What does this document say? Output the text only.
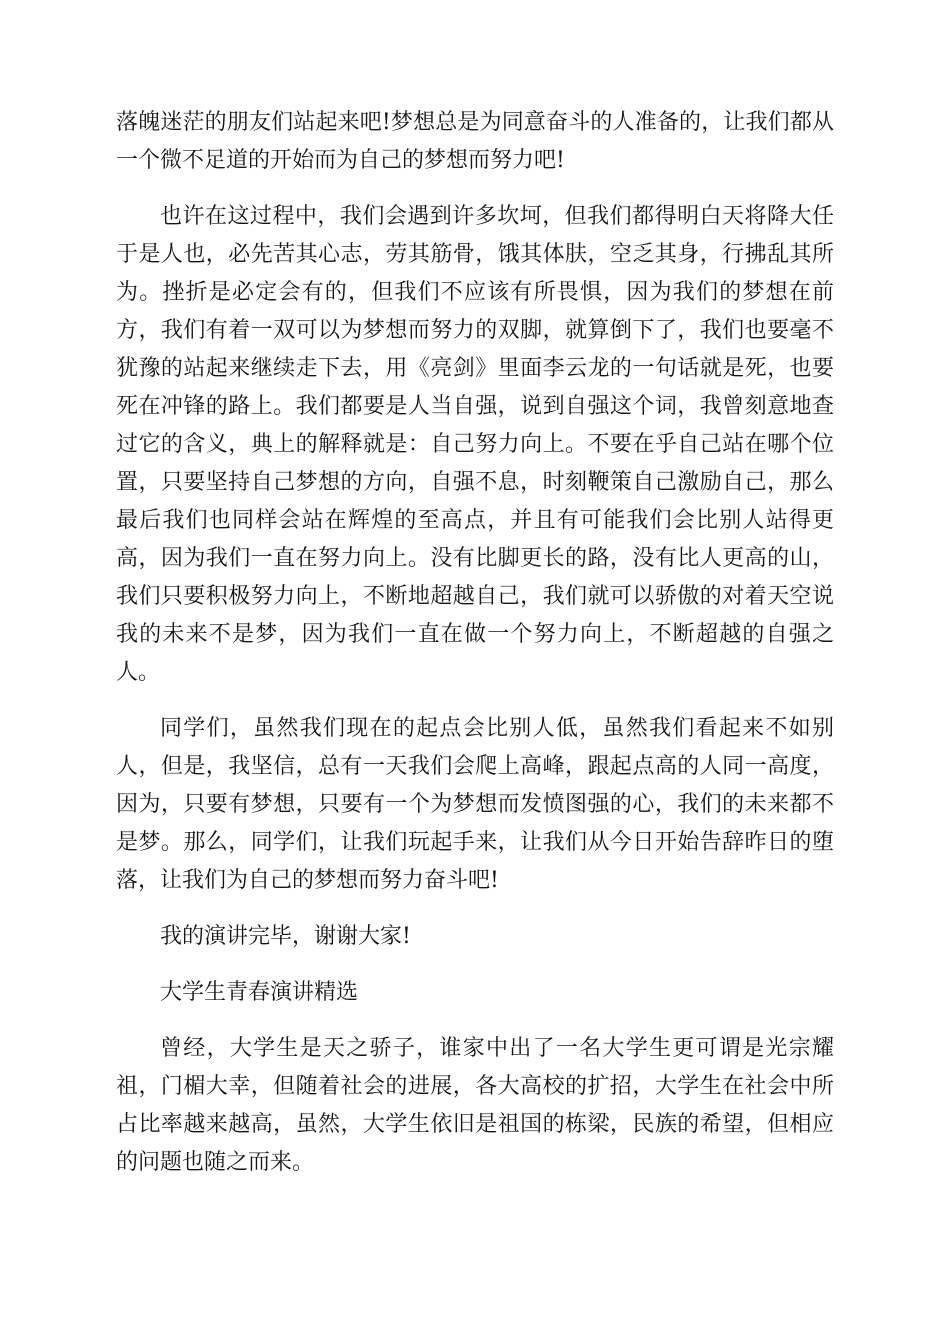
落魄迷茫的朋友们站起来吧!梦想总是为同意奋斗的人准备的，让我们都从一个微不足道的开始而为自己的梦想而努力吧!

也许在这过程中，我们会遇到许多坎坷，但我们都得明白天将降大任于是人也，必先苦其心志，劳其筋骨，饿其体肤，空乏其身，行拂乱其所为。挫折是必定会有的，但我们不应该有所畏惧，因为我们的梦想在前方，我们有着一双可以为梦想而努力的双脚，就算倒下了，我们也要毫不犹豫的站起来继续走下去，用《亮剑》里面李云龙的一句话就是死，也要死在冲锋的路上。我们都要是人当自强，说到自强这个词，我曾刻意地查过它的含义，典上的解释就是：自己努力向上。不要在乎自己站在哪个位置，只要坚持自己梦想的方向，自强不息，时刻鞭策自己激励自己，那么最后我们也同样会站在辉煌的至高点，并且有可能我们会比别人站得更高，因为我们一直在努力向上。没有比脚更长的路，没有比人更高的山，我们只要积极努力向上，不断地超越自己，我们就可以骄傲的对着天空说我的未来不是梦，因为我们一直在做一个努力向上，不断超越的自强之人。

同学们，虽然我们现在的起点会比别人低，虽然我们看起来不如别人，但是，我坚信，总有一天我们会爬上高峰，跟起点高的人同一高度，因为，只要有梦想，只要有一个为梦想而发愤图强的心，我们的未来都不是梦。那么，同学们，让我们玩起手来，让我们从今日开始告辞昨日的堕落，让我们为自己的梦想而努力奋斗吧!

我的演讲完毕，谢谢大家!

大学生青春演讲精选

曾经，大学生是天之骄子，谁家中出了一名大学生更可谓是光宗耀祖，门楣大幸，但随着社会的进展，各大高校的扩招，大学生在社会中所占比率越来越高，虽然，大学生依旧是祖国的栋梁，民族的希望，但相应的问题也随之而来。
